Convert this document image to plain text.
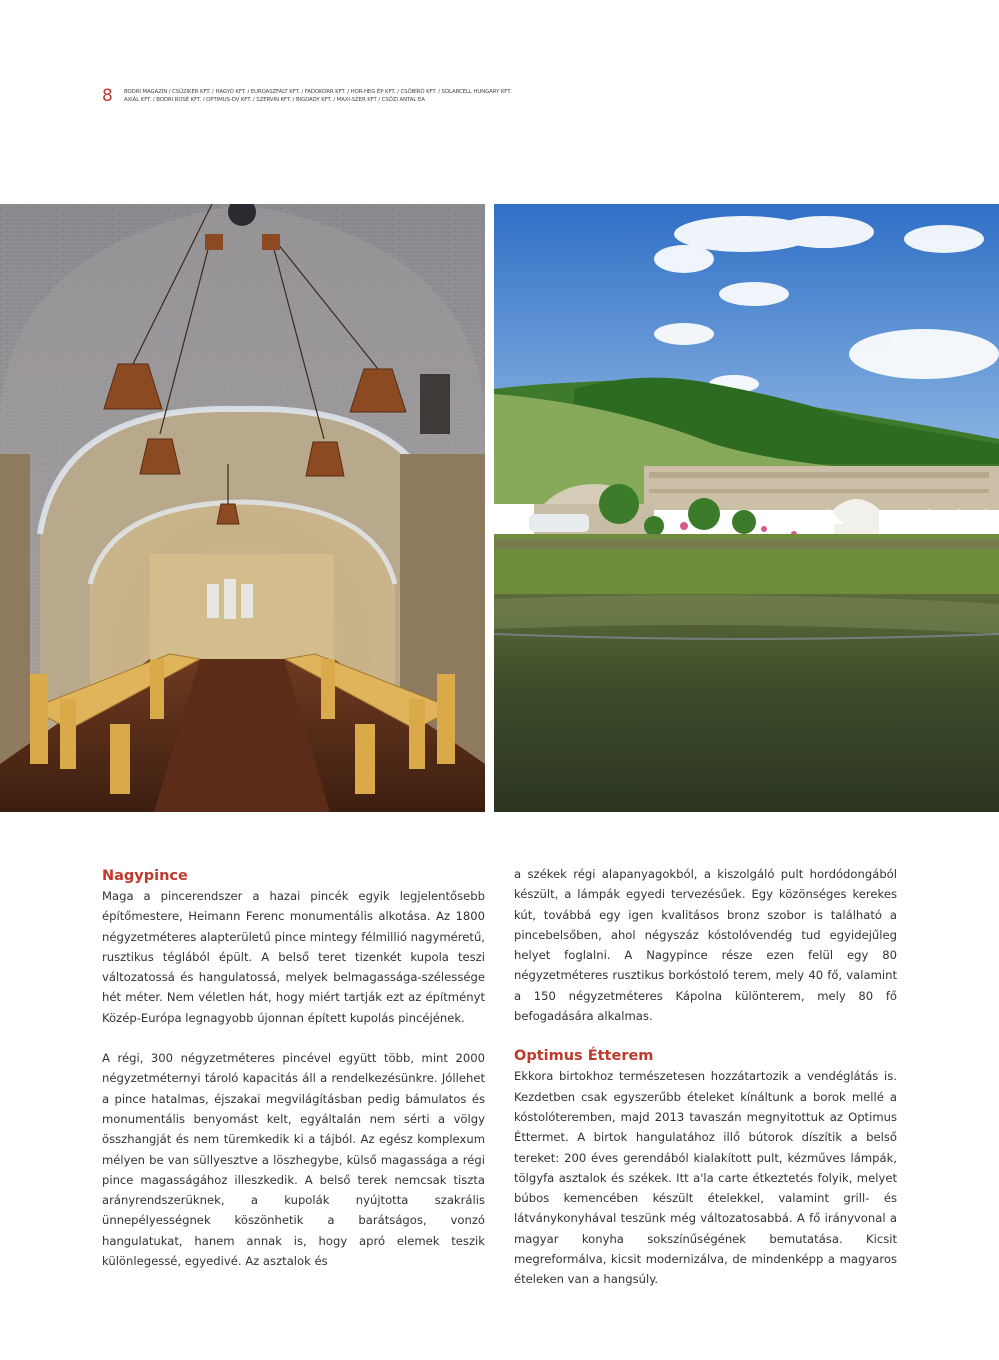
8 BODRI MAGAZIN / CSŰZIKER KFT. / HAGYÓ KFT. / EUROASZFALT KFT. / FADOKORR KFT. / HOR-HEG ÉP KFT. / CSŐBÍRÓ KFT. / SOLARCELL HUNGARY KFT.
AXIÁL KFT. / BODRI ROSÉ KFT. / OPTIMUS-DV KFT. / SZERVIN KFT. / BIGDADY KFT. / MAXI-SZER KFT / CSŐZI ANTAL EA
Nagypince

Maga a pincerendszer a hazai pincék egyik legjelentősebb építőmestere, Heimann Ferenc monumentális alkotása. Az 1800 négyzetméteres alapterületű pince mintegy félmillió nagyméretű, rusztikus téglából épült. A belső teret tizenkét kupola teszi változatossá és hangulatossá, melyek belmagassága-szélessége hét méter. Nem véletlen hát, hogy miért tartják ezt az építményt Közép-Európa legnagyobb újonnan épített kupolás pincéjének.

A régi, 300 négyzetméteres pincével együtt több, mint 2000 négyzetméternyi tároló kapacitás áll a rendelkezésünkre. Jóllehet a pince hatalmas, éjszakai megvilágításban pedig bámulatos és monumentális benyomást kelt, egyáltalán nem sérti a völgy összhangját és nem türemkedik ki a tájból. Az egész komplexum mélyen be van süllyesztve a löszhegybe, külső magassága a régi pince magasságához illeszkedik. A belső terek nemcsak tiszta arányrendszerüknek, a kupolák nyújtotta szakrális ünnepélyességnek köszönhetik a barátságos, vonzó hangulatukat, hanem annak is, hogy apró elemek teszik különlegessé, egyedivé. Az asztalok és

a székek régi alapanyagokból, a kiszolgáló pult hordódongából készült, a lámpák egyedi tervezésűek. Egy közönséges kerekes kút, továbbá egy igen kvalitásos bronz szobor is található a pincebelsőben, ahol négyszáz kóstolóvendég tud egyidejűleg helyet foglalni. A Nagypince része ezen felül egy 80 négyzetméteres rusztikus borkóstoló terem, mely 40 fő, valamint a 150 négyzetméteres Kápolna különterem, mely 80 fő befogadására alkalmas.

Optimus Étterem

Ekkora birtokhoz természetesen hozzátartozik a vendéglátás is. Kezdetben csak egyszerűbb ételeket kínáltunk a borok mellé a kóstolóteremben, majd 2013 tavaszán megnyitottuk az Optimus Éttermet. A birtok hangulatához illő bútorok díszítik a belső tereket: 200 éves gerendából kialakított pult, kézműves lámpák, tölgyfa asztalok és székek. Itt a'la carte étkeztetés folyik, melyet búbos kemencében készült ételekkel, valamint grill- és látványkonyhával teszünk még változatosabbá. A fő irányvonal a magyar konyha sokszínűségének bemutatása. Kicsit megreformálva, kicsit modernizálva, de mindenképp a magyaros ételeken van a hangsúly.
